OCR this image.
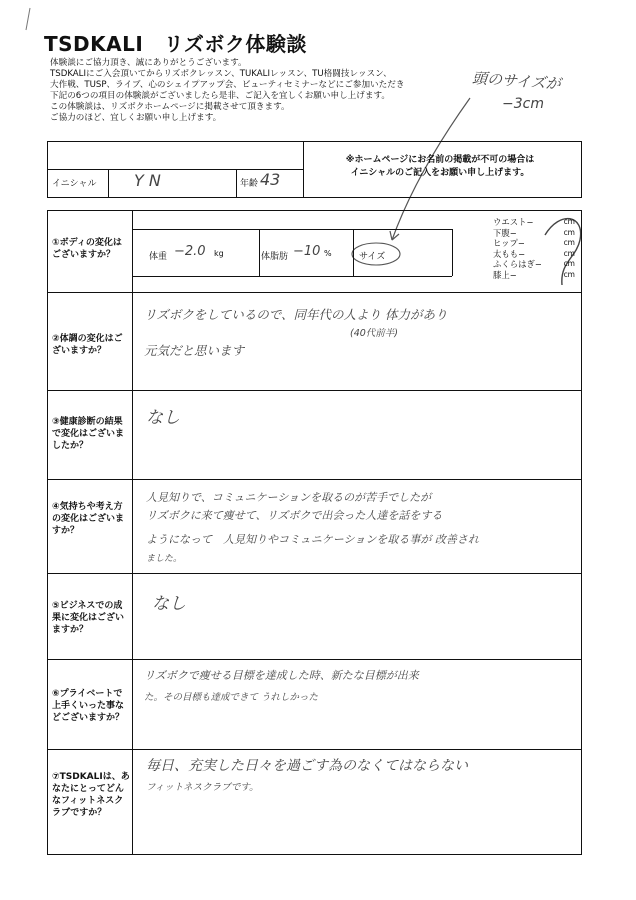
TSDKALI　リズボク体験談
体験談にご協力頂き、誠にありがとうございます。
TSDKALIにご入会頂いてからリズボクレッスン、TUKALIレッスン、TU格闘技レッスン、
大作戦、TUSP、ライブ、心のシェイプアップ会、ビューティセミナーなどにご参加いただき
下記の6つの項目の体験談がございましたら是非、ご記入を宜しくお願い申し上げます。
この体験談は、リズボクホームページに掲載させて頂きます。
ご協力のほど、宜しくお願い申し上げます。
頭のサイズが
−3cm
イニシャル Y N	年齢 43
※ホームページにお名前の掲載が不可の場合は
イニシャルのご記入をお願い申し上げます。
①ボディの変化はございますか？	体重 −2.0 kg	体脂肪 −10 %	サイズ
ウエスト−	cm
下腹−	cm
ヒップ−	cm
太もも−	cm
ふくらはぎ−	cm
膝上−	cm
②体調の変化はございますか？
リズボクをしているので、同年代の人より 体力があり
(40代前半)
元気だと思います
③健康診断の結果で変化はございましたか？
なし
④気持ちや考え方の変化はございますか？
人見知りで、コミュニケーションを取るのが苦手でしたが
リズボクに来て痩せて、リズボクで出会った人達を話をする
ようになって　人見知りやコミュニケーションを取る事が 改善され
ました。
⑤ビジネスでの成果に変化はございますか？
なし
⑥プライベートで上手くいった事などございますか？
リズボクで痩せる目標を達成した時、新たな目標が出来
た。その目標も達成できて うれしかった
⑦TSDKALIは、あなたにとってどんなフィットネスクラブですか？
毎日、充実した日々を過ごす為のなくてはならない
フィットネスクラブです。
